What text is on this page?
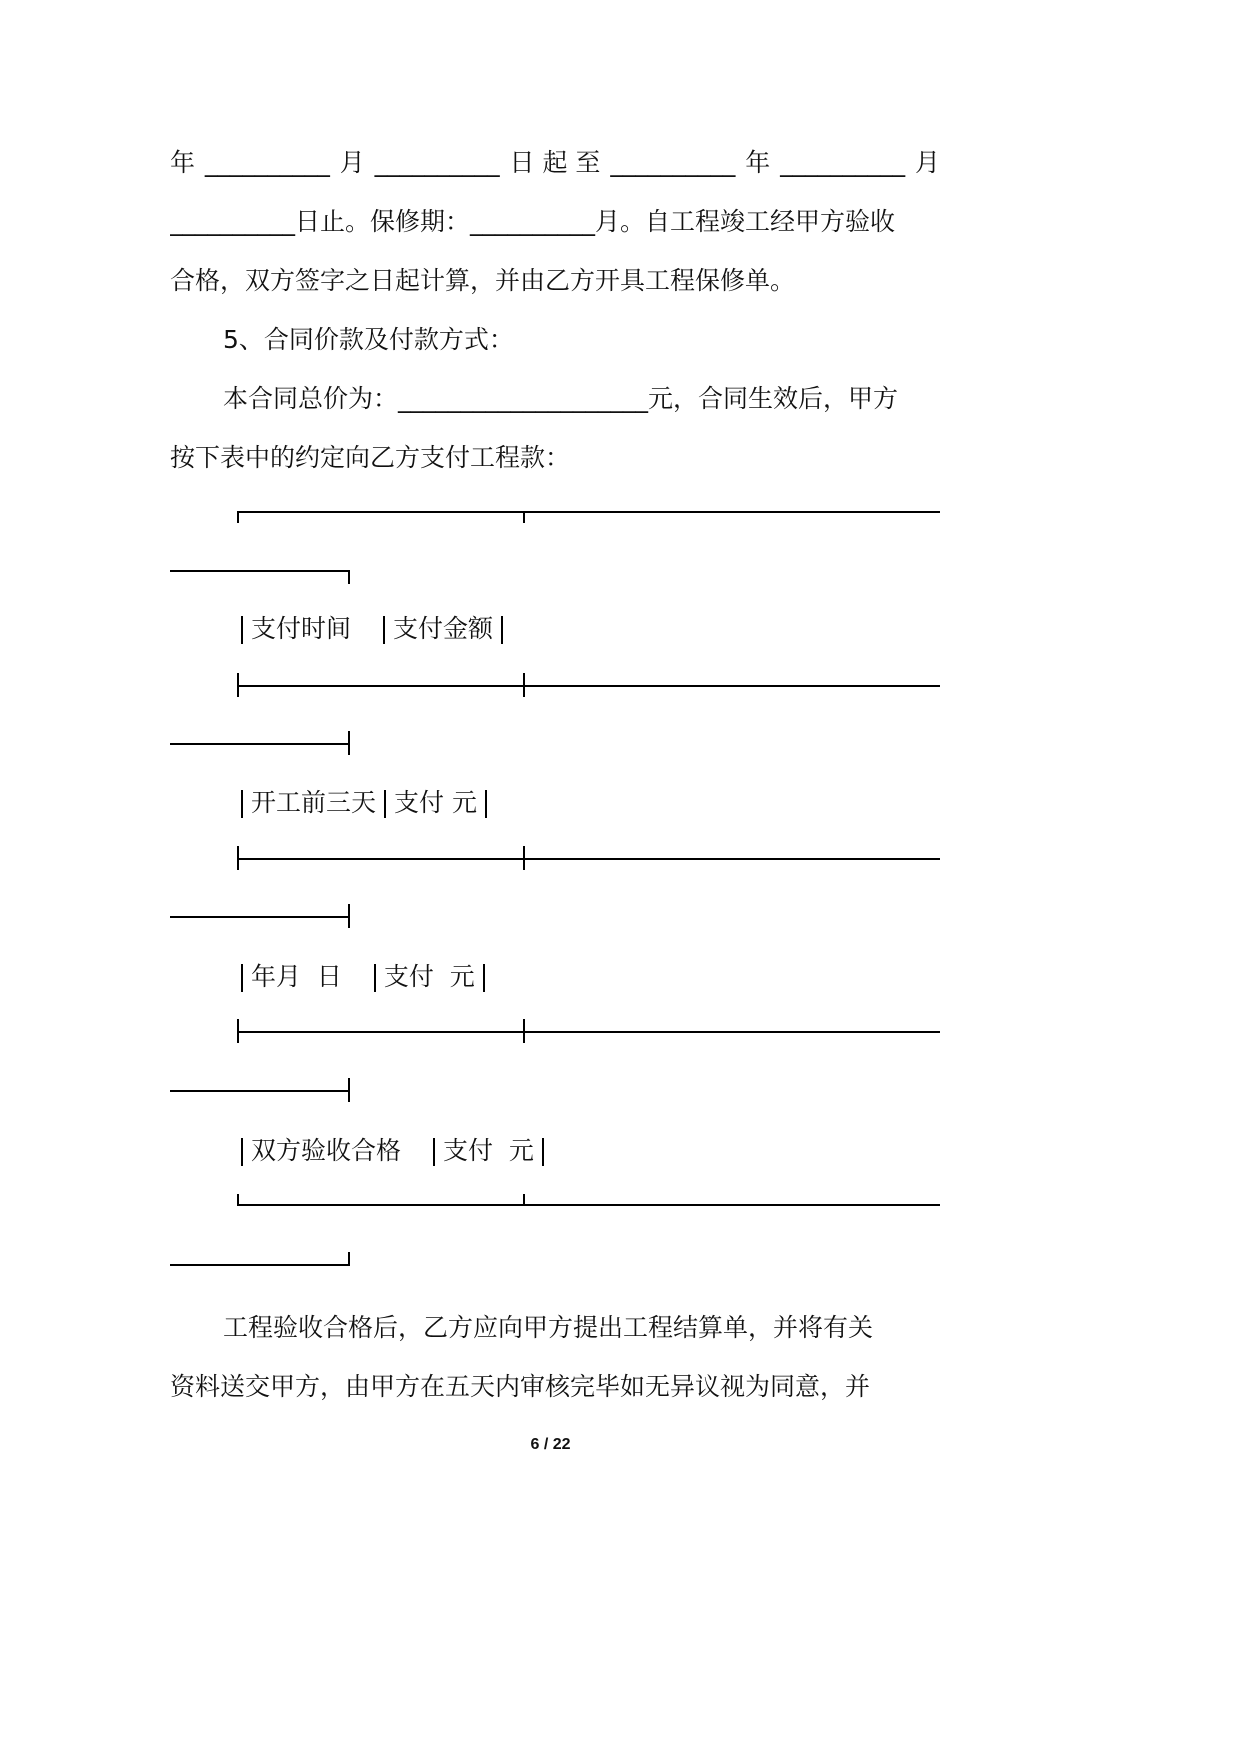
年 __________ 月 __________ 日 起 至 __________ 年 __________ 月
__________日止。保修期：__________月。自工程竣工经甲方验收
合格，双方签字之日起计算，并由乙方开具工程保修单。
5、合同价款及付款方式：
本合同总价为：____________________元，合同生效后，甲方
按下表中的约定向乙方支付工程款：
支付时间 支付金额
开工前三天 支付 元
年月  日 支付  元
双方验收合格 支付  元
工程验收合格后，乙方应向甲方提出工程结算单，并将有关
资料送交甲方，由甲方在五天内审核完毕如无异议视为同意，并
6 / 22
